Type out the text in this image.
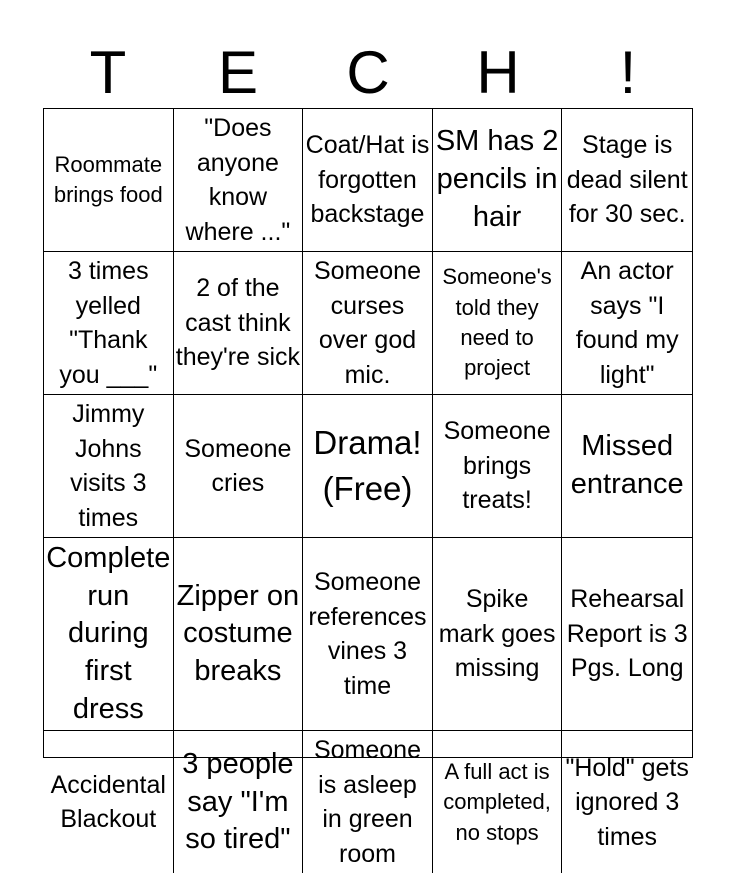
T	E	C	H	!
Roommate brings food
"Does anyone know where ..."
Coat/Hat is forgotten backstage
SM has 2 pencils in hair
Stage is dead silent for 30 sec.
3 times yelled "Thank you ___"
2 of the cast think they're sick
Someone curses over god mic.
Someone's told they need to project
An actor says "I found my light"
Jimmy Johns visits 3 times
Someone cries
Drama! (Free)
Someone brings treats!
Missed entrance
Complete run during first dress
Zipper on costume breaks
Someone references vines 3 time
Spike mark goes missing
Rehearsal Report is 3 Pgs. Long
Accidental Blackout
3 people say "I'm so tired"
Someone is asleep in green room
A full act is completed, no stops
"Hold" gets ignored 3 times
